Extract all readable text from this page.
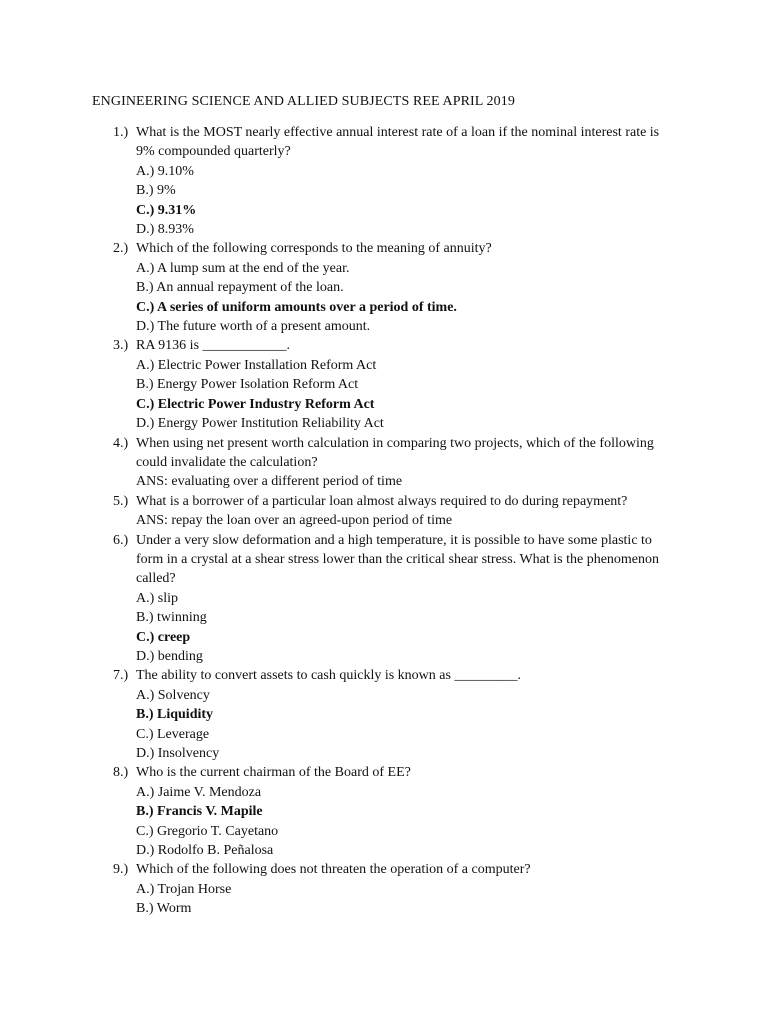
ENGINEERING SCIENCE AND ALLIED SUBJECTS REE APRIL 2019
1.) What is the MOST nearly effective annual interest rate of a loan if the nominal interest rate is 9% compounded quarterly?
A.) 9.10%
B.) 9%
C.) 9.31%
D.) 8.93%
2.) Which of the following corresponds to the meaning of annuity?
A.) A lump sum at the end of the year.
B.) An annual repayment of the loan.
C.) A series of uniform amounts over a period of time.
D.) The future worth of a present amount.
3.) RA 9136 is ____________.
A.) Electric Power Installation Reform Act
B.) Energy Power Isolation Reform Act
C.) Electric Power Industry Reform Act
D.) Energy Power Institution Reliability Act
4.) When using net present worth calculation in comparing two projects, which of the following could invalidate the calculation?
ANS: evaluating over a different period of time
5.) What is a borrower of a particular loan almost always required to do during repayment?
ANS: repay the loan over an agreed-upon period of time
6.) Under a very slow deformation and a high temperature, it is possible to have some plastic to form in a crystal at a shear stress lower than the critical shear stress. What is the phenomenon called?
A.) slip
B.) twinning
C.) creep
D.) bending
7.) The ability to convert assets to cash quickly is known as _________.
A.) Solvency
B.) Liquidity
C.) Leverage
D.) Insolvency
8.) Who is the current chairman of the Board of EE?
A.) Jaime V. Mendoza
B.) Francis V. Mapile
C.) Gregorio T. Cayetano
D.) Rodolfo B. Peñalosa
9.) Which of the following does not threaten the operation of a computer?
A.) Trojan Horse
B.) Worm
